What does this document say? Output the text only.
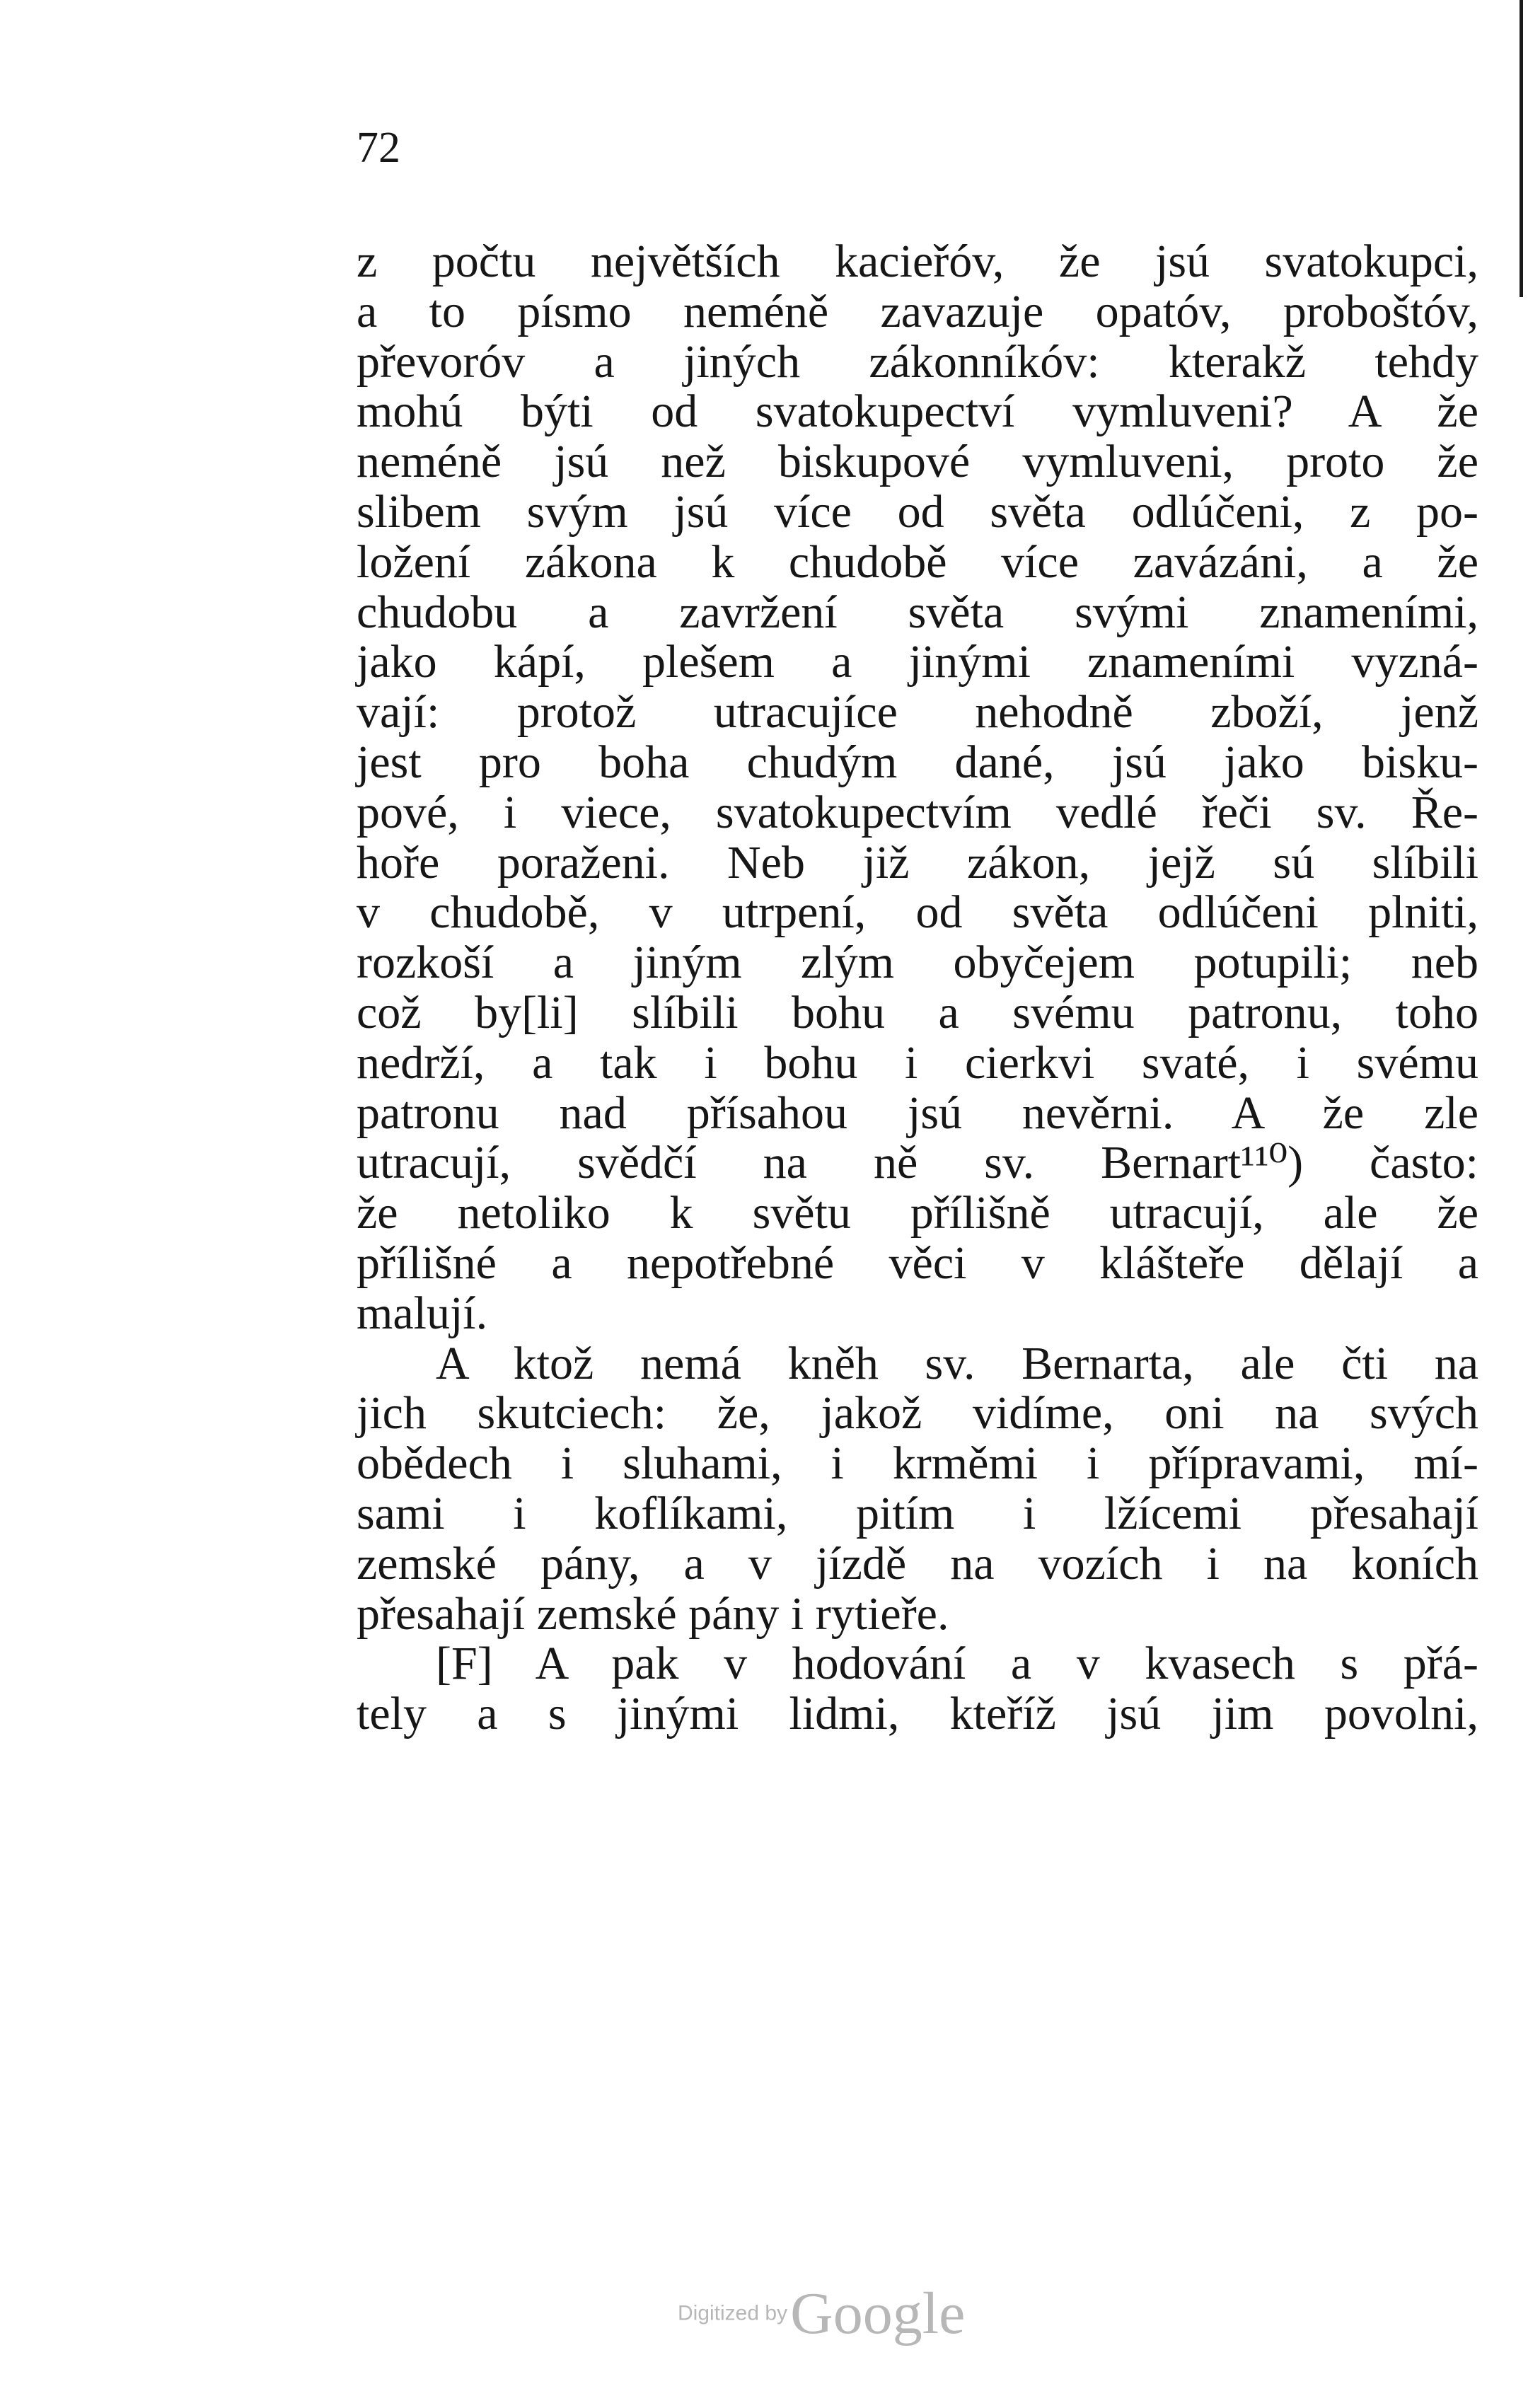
72
z počtu největších kacieřóv, že jsú svatokupci,
a to písmo neméně zavazuje opatóv, proboštóv,
převoróv a jiných zákonníkóv: kterakž tehdy
mohú býti od svatokupectví vymluveni? A že
neméně jsú než biskupové vymluveni, proto že
slibem svým jsú více od světa odlúčeni, z po-
ložení zákona k chudobě více zavázáni, a že
chudobu a zavržení světa svými znameními,
jako kápí, plešem a jinými znameními vyzná-
vají: protož utracujíce nehodně zboží, jenž
jest pro boha chudým dané, jsú jako bisku-
pové, i viece, svatokupectvím vedlé řeči sv. Ře-
hoře poraženi. Neb již zákon, jejž sú slíbili
v chudobě, v utrpení, od světa odlúčeni plniti,
rozkoší a jiným zlým obyčejem potupili; neb
což by[li] slíbili bohu a svému patronu, toho
nedrží, a tak i bohu i cierkvi svaté, i svému
patronu nad přísahou jsú nevěrni. A že zle
utracují, svědčí na ně sv. Bernart¹¹⁰) často:
že netoliko k světu přílišně utracují, ale že
přílišné a nepotřebné věci v klášteře dělají a
malují.
A ktož nemá kněh sv. Bernarta, ale čti na
jich skutciech: že, jakož vidíme, oni na svých
obědech i sluhami, i krměmi i přípravami, mí-
sami i koflíkami, pitím i lžícemi přesahají
zemské pány, a v jízdě na vozích i na koních
přesahají zemské pány i rytieře.
[F] A pak v hodování a v kvasech s přá-
tely a s jinými lidmi, kteříž jsú jim povolni,
Digitized by Google
